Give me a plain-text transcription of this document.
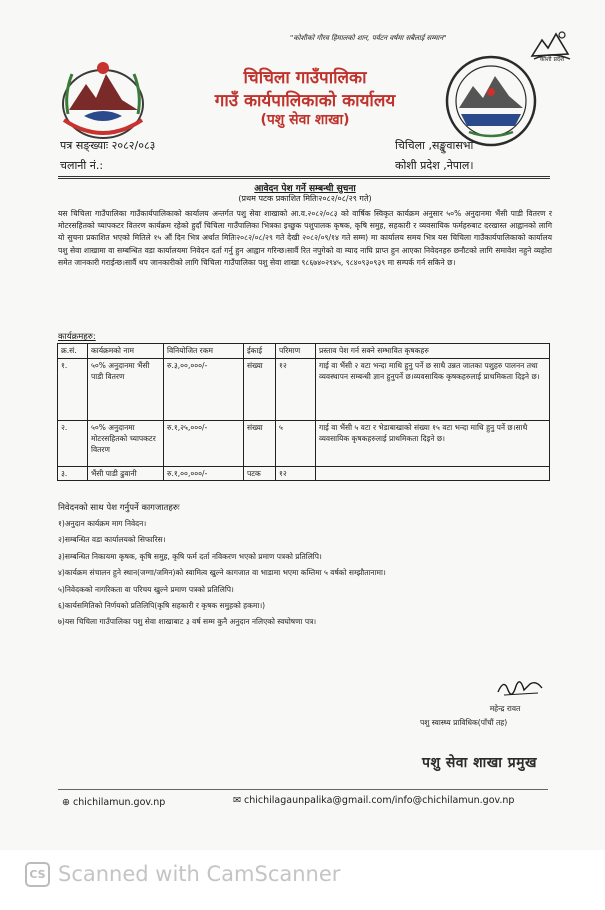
"कोशीको गौरव हिमालको शान, पर्यटन वर्षमा सबैलाई सम्मान"
कोशी प्रदेश
चिचिला गाउँपालिका
गाउँ कार्यपालिकाको कार्यालय
(पशु सेवा शाखा)
पत्र सङ्ख्याः २०८२/०८३
चलानी नं.:
चिचिला ,सङ्खुवासभा
कोशी प्रदेश ,नेपाल।
आवेदन पेश गर्ने सम्बन्धी सुचना
(प्रथम पटक प्रकाशित मितिः२०८२/०८/२९ गते)

यस चिचिला गाउँपालिका गाउँकार्यपालिकाको कार्यालय अन्तर्गत पशु सेवा शाखाको आ.व.२०८२/०८३ को वार्षिक स्विकृत कार्यक्रम अनुसार ५०% अनुदानमा भैंसी पाडी वितरण र मोटरसहितको च्यापकटर वितरण कार्यक्रम रहेको हुदाँ चिचिला गाउँपालिका भित्रका इच्छुक पशुपालक कृषक, कृषि समुह, सहकारी र व्यवसायिक फर्महरुबाट दरखास्त आह्वानको लागि यो सुचना प्रकाशित भएको मितिले १५ औं दिन भित्र अर्थात मितिः२०८२/०८/२९ गते देखी २०८२/०९/१४ गते सम्म) मा कार्यालय समय भित्र यस चिचिला गाउँकार्यपालिकाको कार्यालय पशु सेवा शाखामा वा सम्बन्धित वडा कार्यालयमा निवेदन दर्ता गर्नु हुन आह्वान गरिन्छ।सार्वै रित नपुगेको वा म्याद नाघि प्राप्त हुन आएका निवेदनहरु छनौटको लागि समावेश नहुने व्यहोरा समेत जानकारी गराईन्छ।सार्वै थप जानकारीको लागि चिचिला गाउँपालिका पशु सेवा शाखा ९८६७४०२९४५, ९८४०९३०९३९ मा सम्पर्क गर्न सकिने छ।

कार्यक्रमहरु:
क्र.सं.	कार्यक्रमको नाम	विनियोजित रकम	ईकाई	परिमाण	प्रस्ताव पेश गर्न सक्ने सम्भावित कृषकहरु
१.	५०% अनुदानमा भैंसी पाडी वितरण	रु.३,००,०००/-	संख्या	१२	गाई वा भैंसी २ वटा भन्दा माथि हुनु पर्ने छ साथै उन्नत जातका पशुहरु पालनन तथा व्यवस्थापन सम्बन्धी ज्ञान हुनुपर्ने छ।व्यवसायिक कृषकहरुलाई प्राथमिकता दिइने छ।
२.	५०% अनुदानमा मोटरसहितको च्यापकटर वितरण	रु.१,२५,०००/-	संख्या	५	गाई वा भैंसी ५ वटा र भेडाबाखाको संख्या १५ वटा भन्दा माथि हुनु पर्ने छ।साथै व्यवसायिक कृषकहरुलाई प्राथमिकता दिइने छ।
३.	भैंसी पाडी ढुवानी	रु.१,००,०००/-	पटक	१२	
निवेदनको साथ पेश गर्नुपर्ने कागजातहरुः
१)अनुदान कार्यक्रम माग निवेदन।
२)सम्बन्धित वडा कार्यालयको सिफारिस।
३)सम्बन्धित निकायमा कृषक, कृषि समुह, कृषि फर्म दर्ता नविकरण भएको प्रमाण पत्रको प्रतिलिपि।
४)कार्यक्रम संचालन हुने स्थान(जग्गा/जमिन)को स्वामित्व खुल्ने कागजात वा भाडामा भएमा कम्तिमा ५ वर्षको सम्झौतानामा।
५)निवेदकको नागरिकता वा परिचय खुल्ने प्रमाण पत्रको प्रतिलिपि।
६)कार्यसमितिको निर्णयको प्रतिलिपि(कृषि सहकारी र कृषक समुहको हकमा।)
७)यस चिचिला गाउँपालिका पशु सेवा शाखाबाट ३ वर्ष सम्म कुनै अनुदान नलिएको स्वघोषणा पत्र।
महेन्द्र रावत
पशु स्वास्थ्य प्राविधिक(पाँचौं तह)
पशु सेवा शाखा प्रमुख
⊕ chichilamun.gov.np	✉ chichilagaunpalika@gmail.com/info@chichilamun.gov.np
CS Scanned with CamScanner
